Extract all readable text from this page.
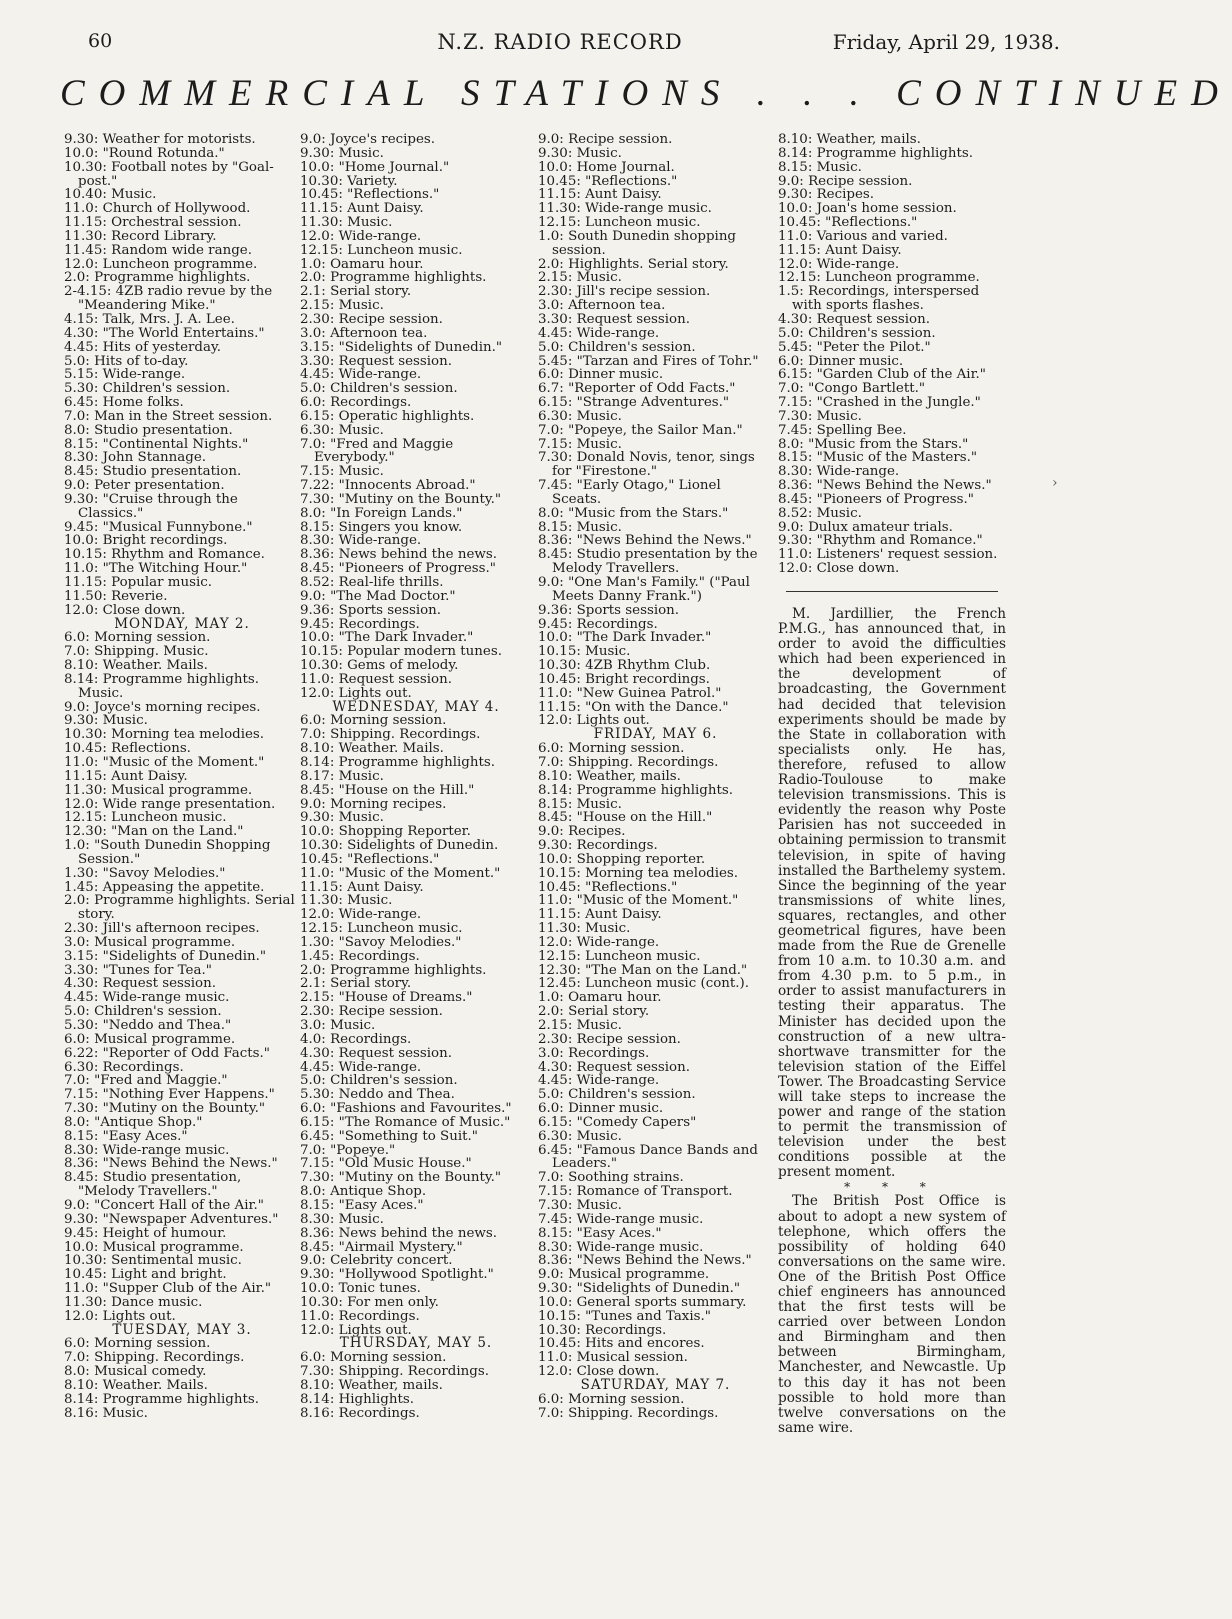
60	N.Z. RADIO RECORD	Friday, April 29, 1938.
COMMERCIAL STATIONS . . . CONTINUED

9.30: Weather for motorists.

10.0: "Round Rotunda."

10.30: Football notes by "Goal-post."

10.40: Music.

11.0: Church of Hollywood.

11.15: Orchestral session.

11.30: Record Library.

11.45: Random wide range.

12.0: Luncheon programme.

2.0: Programme highlights.

2-4.15: 4ZB radio revue by the "Meandering Mike."

4.15: Talk, Mrs. J. A. Lee.

4.30: "The World Entertains."

4.45: Hits of yesterday.

5.0: Hits of to-day.

5.15: Wide-range.

5.30: Children's session.

6.45: Home folks.

7.0: Man in the Street session.

8.0: Studio presentation.

8.15: "Continental Nights."

8.30: John Stannage.

8.45: Studio presentation.

9.0: Peter presentation.

9.30: "Cruise through the Classics."

9.45: "Musical Funnybone."

10.0: Bright recordings.

10.15: Rhythm and Romance.

11.0: "The Witching Hour."

11.15: Popular music.

11.50: Reverie.

12.0: Close down.

MONDAY, MAY 2.

6.0: Morning session.

7.0: Shipping. Music.

8.10: Weather. Mails.

8.14: Programme highlights. Music.

9.0: Joyce's morning recipes.

9.30: Music.

10.30: Morning tea melodies.

10.45: Reflections.

11.0: "Music of the Moment."

11.15: Aunt Daisy.

11.30: Musical programme.

12.0: Wide range presentation.

12.15: Luncheon music.

12.30: "Man on the Land."

1.0: "South Dunedin Shopping Session."

1.30: "Savoy Melodies."

1.45: Appeasing the appetite.

2.0: Programme highlights. Serial story.

2.30: Jill's afternoon recipes.

3.0: Musical programme.

3.15: "Sidelights of Dunedin."

3.30: "Tunes for Tea."

4.30: Request session.

4.45: Wide-range music.

5.0: Children's session.

5.30: "Neddo and Thea."

6.0: Musical programme.

6.22: "Reporter of Odd Facts."

6.30: Recordings.

7.0: "Fred and Maggie."

7.15: "Nothing Ever Happens."

7.30: "Mutiny on the Bounty."

8.0: "Antique Shop."

8.15: "Easy Aces."

8.30: Wide-range music.

8.36: "News Behind the News."

8.45: Studio presentation, "Melody Travellers."

9.0: "Concert Hall of the Air."

9.30: "Newspaper Adventures."

9.45: Height of humour.

10.0: Musical programme.

10.30: Sentimental music.

10.45: Light and bright.

11.0: "Supper Club of the Air."

11.30: Dance music.

12.0: Lights out.

TUESDAY, MAY 3.

6.0: Morning session.

7.0: Shipping. Recordings.

8.0: Musical comedy.

8.10: Weather. Mails.

8.14: Programme highlights.

8.16: Music.

9.0: Joyce's recipes.

9.30: Music.

10.0: "Home Journal."

10.30: Variety.

10.45: "Reflections."

11.15: Aunt Daisy.

11.30: Music.

12.0: Wide-range.

12.15: Luncheon music.

1.0: Oamaru hour.

2.0: Programme highlights.

2.1: Serial story.

2.15: Music.

2.30: Recipe session.

3.0: Afternoon tea.

3.15: "Sidelights of Dunedin."

3.30: Request session.

4.45: Wide-range.

5.0: Children's session.

6.0: Recordings.

6.15: Operatic highlights.

6.30: Music.

7.0: "Fred and Maggie Everybody."

7.15: Music.

7.22: "Innocents Abroad."

7.30: "Mutiny on the Bounty."

8.0: "In Foreign Lands."

8.15: Singers you know.

8.30: Wide-range.

8.36: News behind the news.

8.45: "Pioneers of Progress."

8.52: Real-life thrills.

9.0: "The Mad Doctor."

9.36: Sports session.

9.45: Recordings.

10.0: "The Dark Invader."

10.15: Popular modern tunes.

10.30: Gems of melody.

11.0: Request session.

12.0: Lights out.

WEDNESDAY, MAY 4.

6.0: Morning session.

7.0: Shipping. Recordings.

8.10: Weather. Mails.

8.14: Programme highlights.

8.17: Music.

8.45: "House on the Hill."

9.0: Morning recipes.

9.30: Music.

10.0: Shopping Reporter.

10.30: Sidelights of Dunedin.

10.45: "Reflections."

11.0: "Music of the Moment."

11.15: Aunt Daisy.

11.30: Music.

12.0: Wide-range.

12.15: Luncheon music.

1.30: "Savoy Melodies."

1.45: Recordings.

2.0: Programme highlights.

2.1: Serial story.

2.15: "House of Dreams."

2.30: Recipe session.

3.0: Music.

4.0: Recordings.

4.30: Request session.

4.45: Wide-range.

5.0: Children's session.

5.30: Neddo and Thea.

6.0: "Fashions and Favourites."

6.15: "The Romance of Music."

6.45: "Something to Suit."

7.0: "Popeye."

7.15: "Old Music House."

7.30: "Mutiny on the Bounty."

8.0: Antique Shop.

8.15: "Easy Aces."

8.30: Music.

8.36: News behind the news.

8.45: "Airmail Mystery."

9.0: Celebrity concert.

9.30: "Hollywood Spotlight."

10.0: Tonic tunes.

10.30: For men only.

11.0: Recordings.

12.0: Lights out.

THURSDAY, MAY 5.

6.0: Morning session.

7.30: Shipping. Recordings.

8.10: Weather, mails.

8.14: Highlights.

8.16: Recordings.

9.0: Recipe session.

9.30: Music.

10.0: Home Journal.

10.45: "Reflections."

11.15: Aunt Daisy.

11.30: Wide-range music.

12.15: Luncheon music.

1.0: South Dunedin shopping session.

2.0: Highlights. Serial story.

2.15: Music.

2.30: Jill's recipe session.

3.0: Afternoon tea.

3.30: Request session.

4.45: Wide-range.

5.0: Children's session.

5.45: "Tarzan and Fires of Tohr."

6.0: Dinner music.

6.7: "Reporter of Odd Facts."

6.15: "Strange Adventures."

6.30: Music.

7.0: "Popeye, the Sailor Man."

7.15: Music.

7.30: Donald Novis, tenor, sings for "Firestone."

7.45: "Early Otago," Lionel Sceats.

8.0: "Music from the Stars."

8.15: Music.

8.36: "News Behind the News."

8.45: Studio presentation by the Melody Travellers.

9.0: "One Man's Family." ("Paul Meets Danny Frank.")

9.36: Sports session.

9.45: Recordings.

10.0: "The Dark Invader."

10.15: Music.

10.30: 4ZB Rhythm Club.

10.45: Bright recordings.

11.0: "New Guinea Patrol."

11.15: "On with the Dance."

12.0: Lights out.

FRIDAY, MAY 6.

6.0: Morning session.

7.0: Shipping. Recordings.

8.10: Weather, mails.

8.14: Programme highlights.

8.15: Music.

8.45: "House on the Hill."

9.0: Recipes.

9.30: Recordings.

10.0: Shopping reporter.

10.15: Morning tea melodies.

10.45: "Reflections."

11.0: "Music of the Moment."

11.15: Aunt Daisy.

11.30: Music.

12.0: Wide-range.

12.15: Luncheon music.

12.30: "The Man on the Land."

12.45: Luncheon music (cont.).

1.0: Oamaru hour.

2.0: Serial story.

2.15: Music.

2.30: Recipe session.

3.0: Recordings.

4.30: Request session.

4.45: Wide-range.

5.0: Children's session.

6.0: Dinner music.

6.15: "Comedy Capers"

6.30: Music.

6.45: "Famous Dance Bands and Leaders."

7.0: Soothing strains.

7.15: Romance of Transport.

7.30: Music.

7.45: Wide-range music.

8.15: "Easy Aces."

8.30: Wide-range music.

8.36: "News Behind the News."

9.0: Musical programme.

9.30: "Sidelights of Dunedin."

10.0: General sports summary.

10.15: "Tunes and Taxis."

10.30: Recordings.

10.45: Hits and encores.

11.0: Musical session.

12.0: Close down.

SATURDAY, MAY 7.

6.0: Morning session.

7.0: Shipping. Recordings.

8.10: Weather, mails.

8.14: Programme highlights.

8.15: Music.

9.0: Recipe session.

9.30: Recipes.

10.0: Joan's home session.

10.45: "Reflections."

11.0: Various and varied.

11.15: Aunt Daisy.

12.0: Wide-range.

12.15: Luncheon programme.

1.5: Recordings, interspersed with sports flashes.

4.30: Request session.

5.0: Children's session.

5.45: "Peter the Pilot."

6.0: Dinner music.

6.15: "Garden Club of the Air."

7.0: "Congo Bartlett."

7.15: "Crashed in the Jungle."

7.30: Music.

7.45: Spelling Bee.

8.0: "Music from the Stars."

8.15: "Music of the Masters."

8.30: Wide-range.

8.36: "News Behind the News."

8.45: "Pioneers of Progress."

8.52: Music.

9.0: Dulux amateur trials.

9.30: "Rhythm and Romance."

11.0: Listeners' request session.

12.0: Close down.

M. Jardillier, the French P.M.G., has announced that, in order to avoid the difficulties which had been experienced in the development of broadcasting, the Government had decided that television experiments should be made by the State in collaboration with specialists only. He has, therefore, refused to allow Radio-Toulouse to make television transmissions. This is evidently the reason why Poste Parisien has not succeeded in obtaining permission to transmit television, in spite of having installed the Barthelemy system. Since the beginning of the year transmissions of white lines, squares, rectangles, and other geometrical figures, have been made from the Rue de Grenelle from 10 a.m. to 10.30 a.m. and from 4.30 p.m. to 5 p.m., in order to assist manufacturers in testing their apparatus. The Minister has decided upon the construction of a new ultra-shortwave transmitter for the television station of the Eiffel Tower. The Broadcasting Service will take steps to increase the power and range of the station to permit the transmission of television under the best conditions possible at the present moment.

* * *

The British Post Office is about to adopt a new system of telephone, which offers the possibility of holding 640 conversations on the same wire. One of the British Post Office chief engineers has announced that the first tests will be carried over between London and Birmingham and then between Birmingham, Manchester, and Newcastle. Up to this day it has not been possible to hold more than twelve conversations on the same wire.

›
